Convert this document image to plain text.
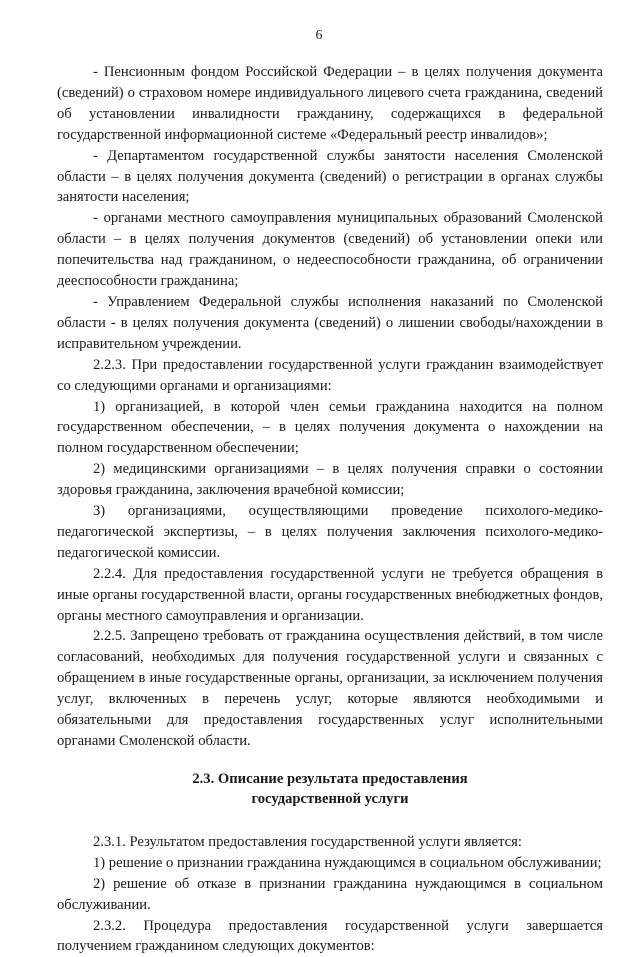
6

- Пенсионным фондом Российской Федерации – в целях получения документа (сведений) о страховом номере индивидуального лицевого счета гражданина, сведений об установлении инвалидности гражданину, содержащихся в федеральной государственной информационной системе «Федеральный реестр инвалидов»;

- Департаментом государственной службы занятости населения Смоленской области – в целях получения документа (сведений) о регистрации в органах службы занятости населения;

- органами местного самоуправления муниципальных образований Смоленской области – в целях получения документов (сведений) об установлении опеки или попечительства над гражданином, о недееспособности гражданина, об ограничении дееспособности гражданина;

- Управлением Федеральной службы исполнения наказаний по Смоленской области - в целях получения документа (сведений) о лишении свободы/нахождении в исправительном учреждении.

2.2.3. При предоставлении государственной услуги гражданин взаимодействует со следующими органами и организациями:

1) организацией, в которой член семьи гражданина находится на полном государственном обеспечении, – в целях получения документа о нахождении на полном государственном обеспечении;

2) медицинскими организациями – в целях получения справки о состоянии здоровья гражданина, заключения врачебной комиссии;

3) организациями, осуществляющими проведение психолого-медико-педагогической экспертизы, – в целях получения заключения психолого-медико-педагогической комиссии.

2.2.4. Для предоставления государственной услуги не требуется обращения в иные органы государственной власти, органы государственных внебюджетных фондов, органы местного самоуправления и организации.

2.2.5. Запрещено требовать от гражданина осуществления действий, в том числе согласований, необходимых для получения государственной услуги и связанных с обращением в иные государственные органы, организации, за исключением получения услуг, включенных в перечень услуг, которые являются необходимыми и обязательными для предоставления государственных услуг исполнительными органами Смоленской области.

2.3. Описание результата предоставления
государственной услуги

2.3.1. Результатом предоставления государственной услуги является:

1) решение о признании гражданина нуждающимся в социальном обслуживании;

2) решение об отказе в признании гражданина нуждающимся в социальном обслуживании.

2.3.2. Процедура предоставления государственной услуги завершается получением гражданином следующих документов:
